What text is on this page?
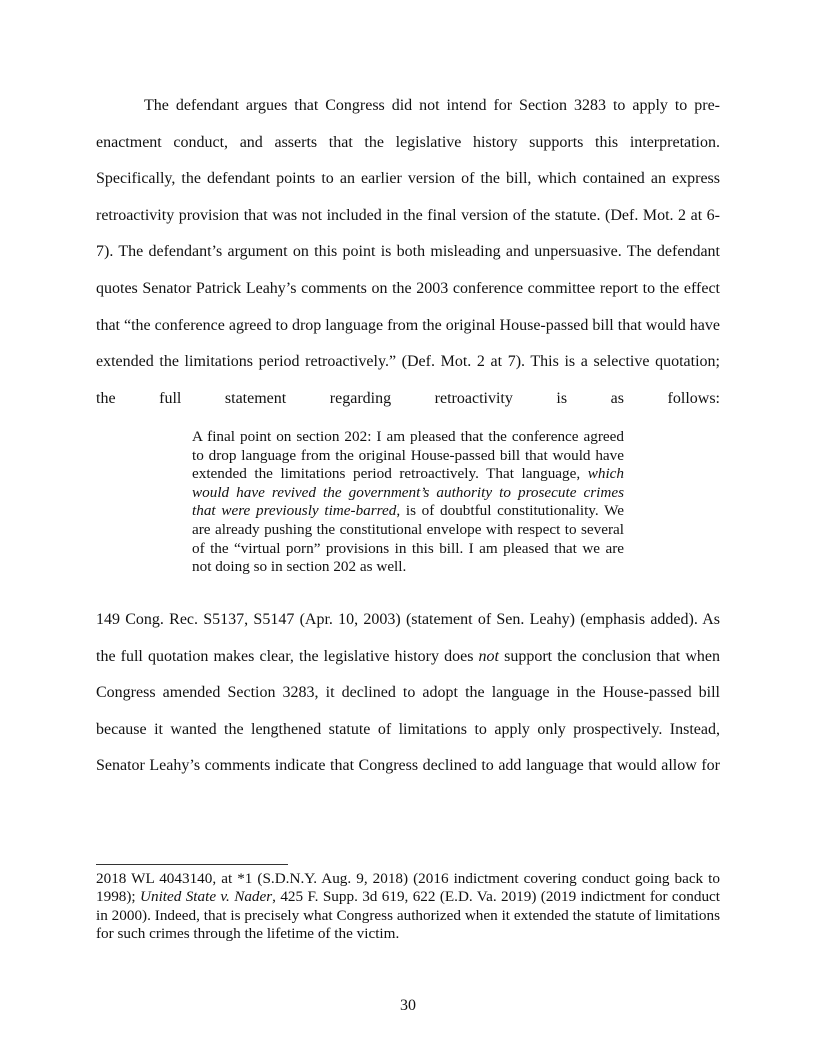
The defendant argues that Congress did not intend for Section 3283 to apply to pre-enactment conduct, and asserts that the legislative history supports this interpretation. Specifically, the defendant points to an earlier version of the bill, which contained an express retroactivity provision that was not included in the final version of the statute. (Def. Mot. 2 at 6-7). The defendant’s argument on this point is both misleading and unpersuasive. The defendant quotes Senator Patrick Leahy’s comments on the 2003 conference committee report to the effect that “the conference agreed to drop language from the original House-passed bill that would have extended the limitations period retroactively.” (Def. Mot. 2 at 7). This is a selective quotation; the full statement regarding retroactivity is as follows:

A final point on section 202: I am pleased that the conference agreed to drop language from the original House-passed bill that would have extended the limitations period retroactively. That language, which would have revived the government’s authority to prosecute crimes that were previously time-barred, is of doubtful constitutionality. We are already pushing the constitutional envelope with respect to several of the “virtual porn” provisions in this bill. I am pleased that we are not doing so in section 202 as well.

149 Cong. Rec. S5137, S5147 (Apr. 10, 2003) (statement of Sen. Leahy) (emphasis added). As the full quotation makes clear, the legislative history does not support the conclusion that when Congress amended Section 3283, it declined to adopt the language in the House-passed bill because it wanted the lengthened statute of limitations to apply only prospectively. Instead, Senator Leahy’s comments indicate that Congress declined to add language that would allow for

2018 WL 4043140, at *1 (S.D.N.Y. Aug. 9, 2018) (2016 indictment covering conduct going back to 1998); United State v. Nader, 425 F. Supp. 3d 619, 622 (E.D. Va. 2019) (2019 indictment for conduct in 2000). Indeed, that is precisely what Congress authorized when it extended the statute of limitations for such crimes through the lifetime of the victim.

30
